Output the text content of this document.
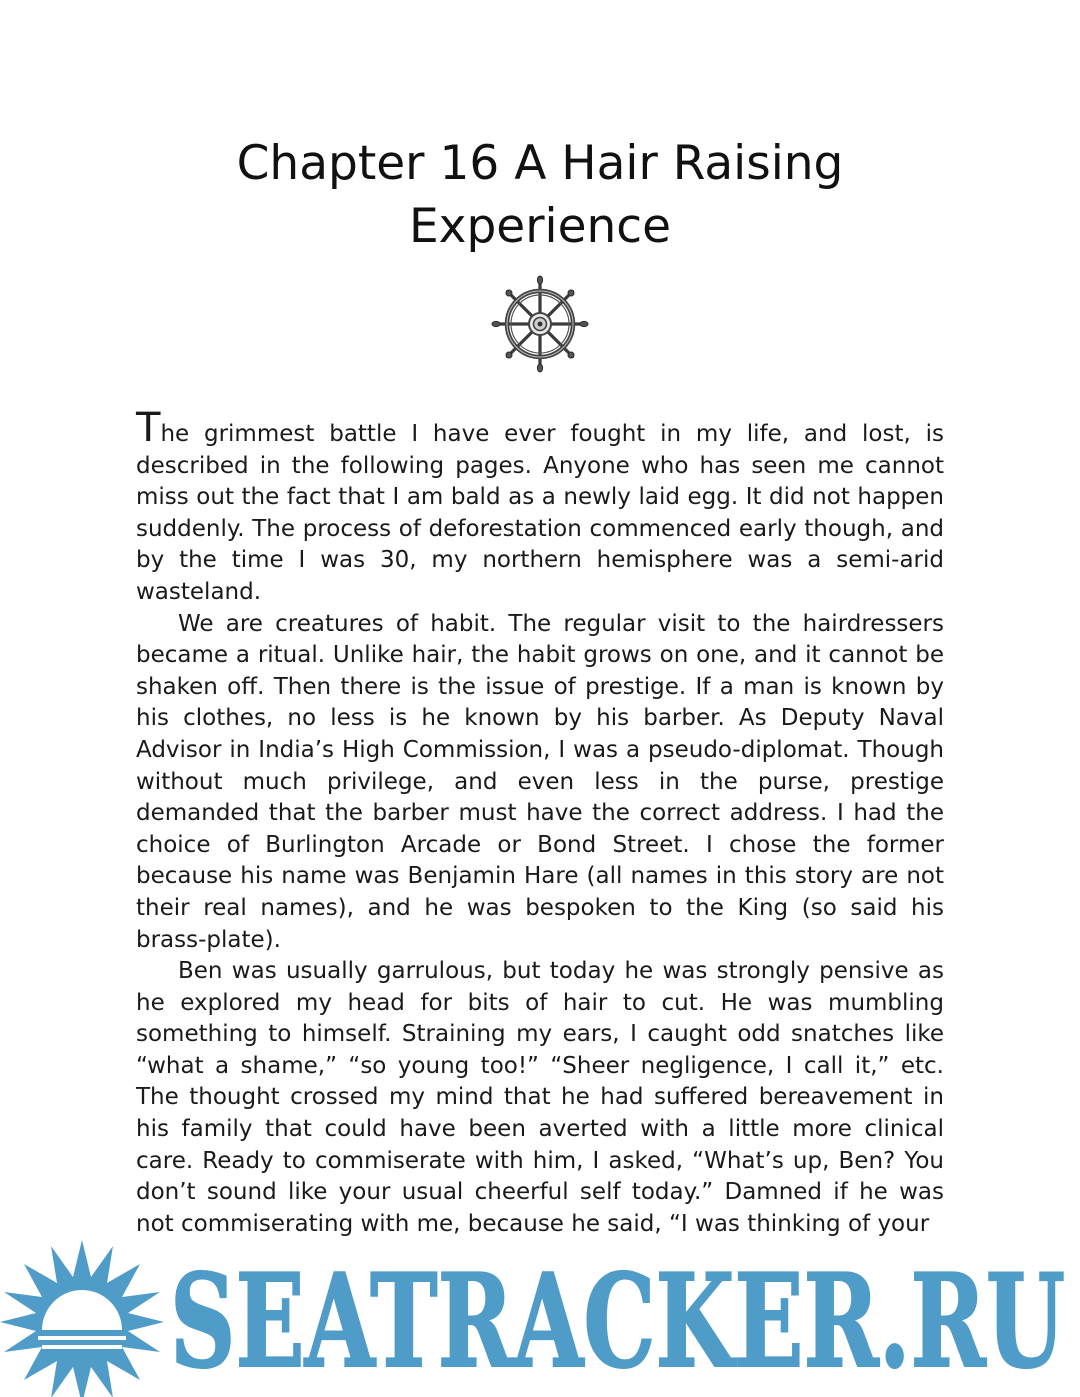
Chapter 16 A Hair Raising
Experience

The grimmest battle I have ever fought in my life, and lost, is described in the following pages. Anyone who has seen me cannot miss out the fact that I am bald as a newly laid egg. It did not happen suddenly. The process of deforestation commenced early though, and by the time I was 30, my northern hemisphere was a semi-arid wasteland.

We are creatures of habit. The regular visit to the hairdressers became a ritual. Unlike hair, the habit grows on one, and it cannot be shaken off. Then there is the issue of prestige. If a man is known by his clothes, no less is he known by his barber. As Deputy Naval Advisor in India’s High Commission, I was a pseudo-diplomat. Though without much privilege, and even less in the purse, prestige demanded that the barber must have the correct address. I had the choice of Burlington Arcade or Bond Street. I chose the former because his name was Benjamin Hare (all names in this story are not their real names), and he was bespoken to the King (so said his brass-plate).

Ben was usually garrulous, but today he was strongly pensive as he explored my head for bits of hair to cut. He was mumbling something to himself. Straining my ears, I caught odd snatches like “what a shame,” “so young too!” “Sheer negligence, I call it,” etc. The thought crossed my mind that he had suffered bereavement in his family that could have been averted with a little more clinical care. Ready to commiserate with him, I asked, “What’s up, Ben? You don’t sound like your usual cheerful self today.” Damned if he was not commiserating with me, because he said, “I was thinking of your

SEATRACKER.RU
